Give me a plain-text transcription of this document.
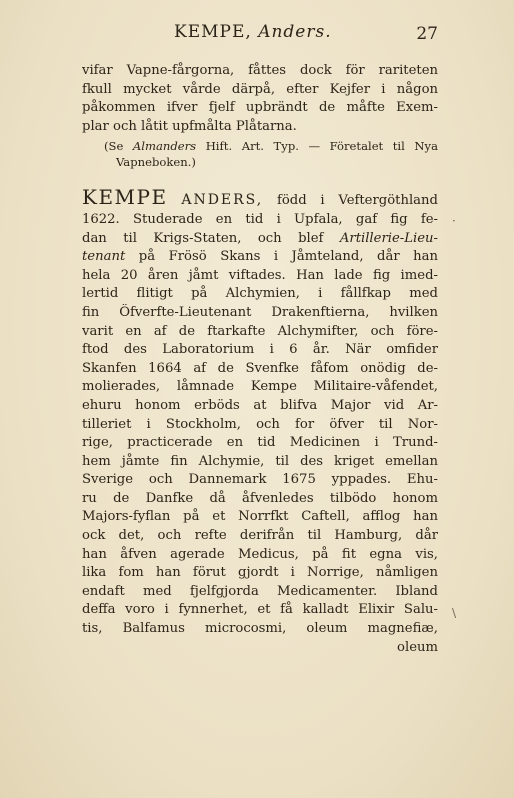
KEMPE, Anders.	27
vifar Vapne-fårgorna, fåttes dock för rariteten
fkull mycket vårde därpå, efter Kejfer i någon
påkommen ifver fjelf upbrändt de måfte Exem-
plar och låtit upfmålta Plåtarna.
(Se Almanders Hift. Art. Typ. — Företalet til Nya
Vapneboken.)
KEMPE ANDERS, född i Veftergöthland
1622. Studerade en tid i Upfala, gaf fig fe-
dan til Krigs-Staten, och blef Artillerie-Lieu-
tenant på Frösö Skans i Jåmteland, dår han
hela 20 åren jåmt viftades. Han lade fig imed-
lertid flitigt på Alchymien, i fållfkap med
fin Öfverfte-Lieutenant Drakenftierna, hvilken
varit en af de ftarkafte Alchymifter, och före-
ftod des Laboratorium i 6 år. När omfider
Skanfen 1664 af de Svenfke fåfom onödig de-
molierades, låmnade Kempe Militaire-våfendet,
ehuru honom erböds at blifva Major vid Ar-
tilleriet i Stockholm, och for öfver til Nor-
rige, practicerade en tid Medicinen i Trund-
hem jåmte fin Alchymie, til des kriget emellan
Sverige och Dannemark 1675 yppades. Ehu-
ru de Danfke då åfvenledes tilbödo honom
Majors-fyflan på et Norrfkt Caftell, afflog han
ock det, och refte derifrån til Hamburg, dår
han åfven agerade Medicus, på fit egna vis,
lika fom han förut gjordt i Norrige, nåmligen
endaft med fjelfgjorda Medicamenter. Ibland
deffa voro i fynnerhet, et få kalladt Elixir Salu-
tis, Balfamus microcosmi, oleum magnefiæ,
oleum
·
\
